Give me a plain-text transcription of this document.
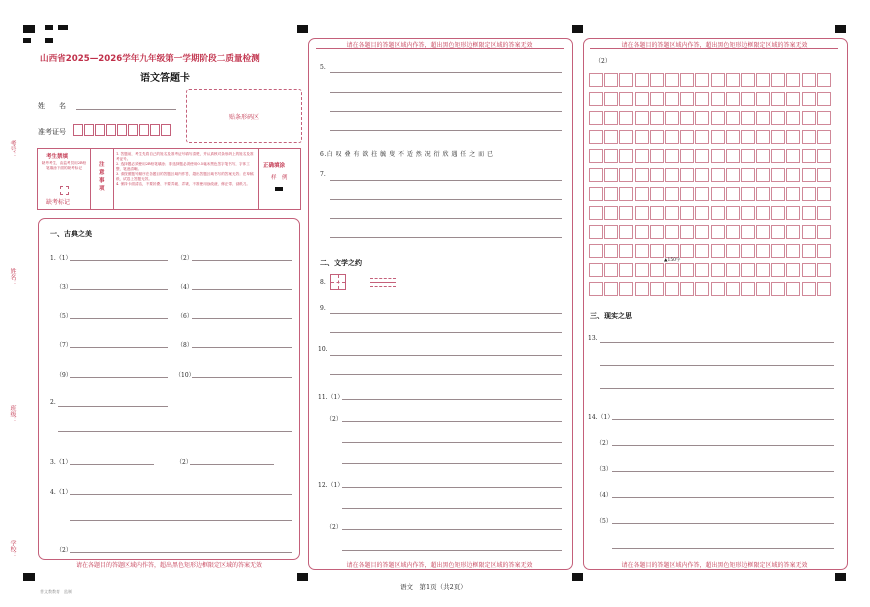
考号：
姓名：
班级：
学校：
山西省2025—2026学年九年级第一学期阶段二质量检测
语文答题卡
姓　　名
准考证号
贴条形码区
考生禁填
缺考考生，由监考员用2B铅笔填涂下面的缺考标记
缺考标记
注意事项
1. 答题前，考生先将自己的姓名及准考证号填写清楚，并认真核对条形码上的姓名及准考证号。
2. 选择题必须使用2B铅笔填涂；非选择题必须使用0.5毫米黑色签字笔书写，字体工整、笔迹清晰。
3. 请按照题号顺序在各题目的答题区域内作答，超出答题区域书写的答案无效；在草稿纸、试卷上答题无效。
4. 保持卡面清洁，不要折叠、不要弄破、弄皱，不准使用涂改液、修正带、刮纸刀。
正确填涂
样　例
一、古典之美
1.（1）	（2）
（3）	（4）
（5）	（6）
（7）	（8）
（9）	（10）
2.
3.（1）	（2）
4.（1）
（2）
请在各题目的答题区域内作答，超出黑色矩形边框限定区域的答案无效
请在各题目的答题区域内作答，超出黑色矩形边框限定区域的答案无效
5.
6.白 叹 叠 有 欲 拄 毓 叟 不 适 然 况 衍 欣 遇 任 之 而 已
7.
二、文学之约
8.
9.
10.
11.（1）
（2）
12.（1）
（2）
请在各题目的答题区域内作答，超出黑色矩形边框限定区域的答案无效
请在各题目的答题区域内作答，超出黑色矩形边框限定区域的答案无效
（2）
▲150字
三、现实之思
13.
14.（1）
（2）
（3）
（4）
（5）
请在各题目的答题区域内作答，超出黑色矩形边框限定区域的答案无效
语文　第1页（共2页）
普文教教育　监制
